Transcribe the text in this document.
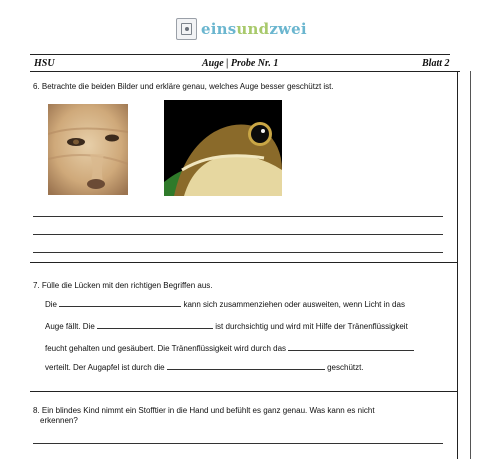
einsundzwei
HSU	Auge | Probe Nr. 1	Blatt 2
6. Betrachte die beiden Bilder und erkläre genau, welches Auge besser geschützt ist.
7. Fülle die Lücken mit den richtigen Begriffen aus.
Die	kann sich zusammenziehen oder ausweiten, wenn Licht in das
Auge fällt. Die	ist durchsichtig und wird mit Hilfe der Tränenflüssigkeit
feucht gehalten und gesäubert. Die Tränenflüssigkeit wird durch das
verteilt. Der Augapfel ist durch die	geschützt.
8. Ein blindes Kind nimmt ein Stofftier in die Hand und befühlt es ganz genau. Was kann es nicht
erkennen?
